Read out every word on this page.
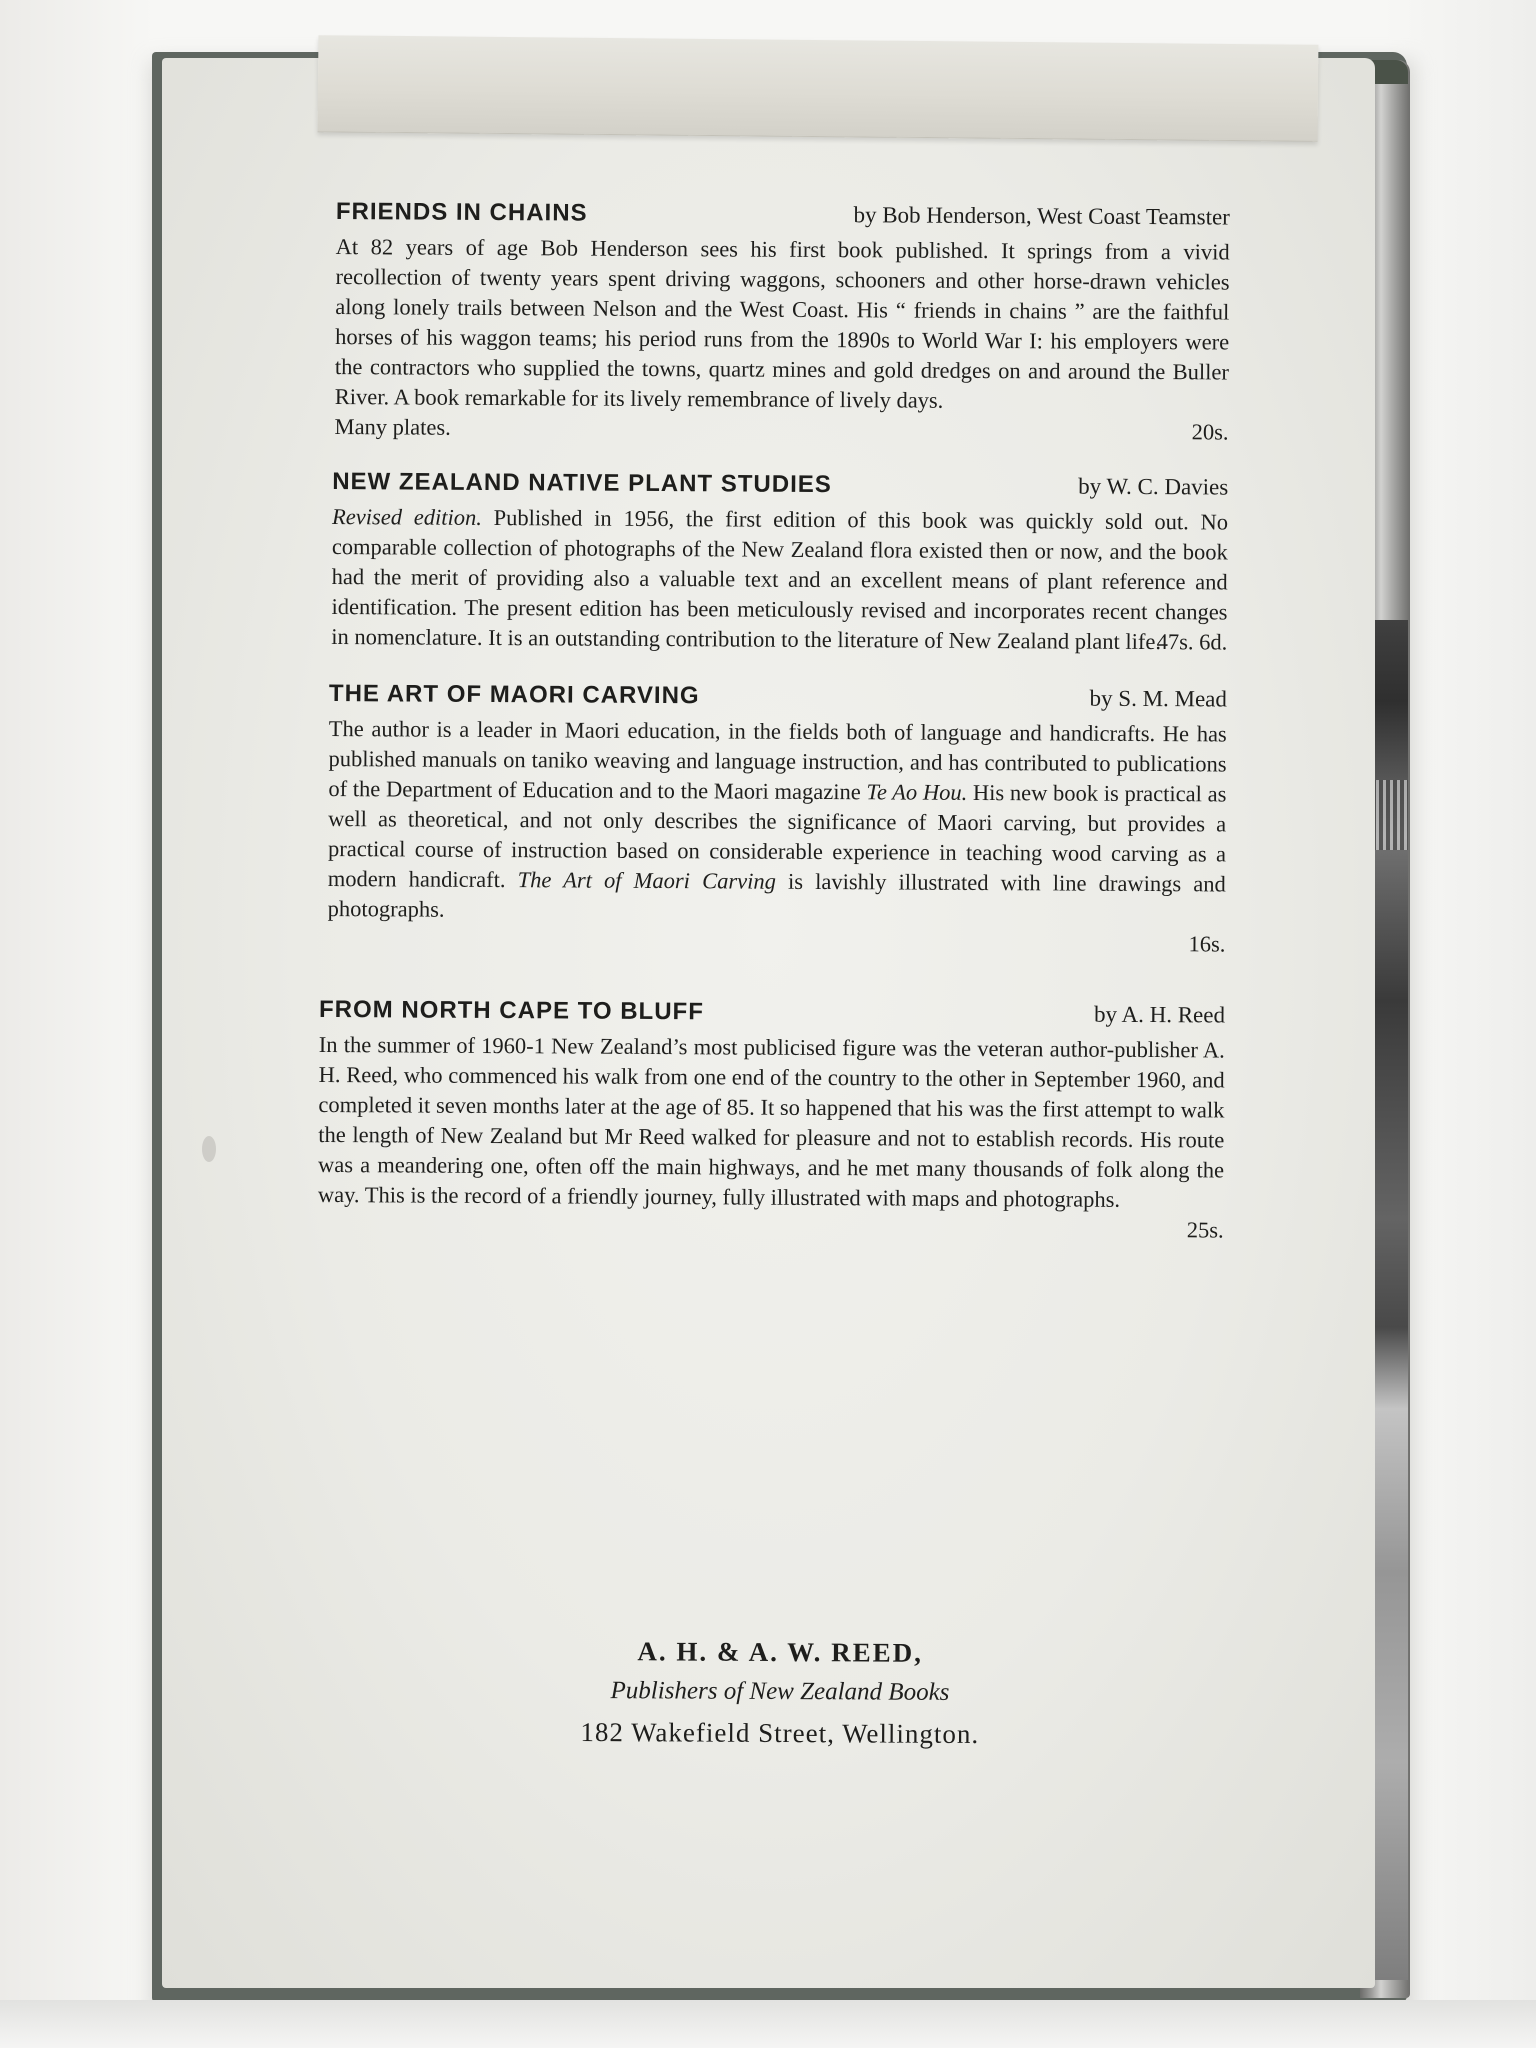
FRIENDS IN CHAINS	by Bob Henderson, West Coast Teamster
At 82 years of age Bob Henderson sees his first book published. It springs from a vivid recollection of twenty years spent driving waggons, schooners and other horse-drawn vehicles along lonely trails between Nelson and the West Coast. His “ friends in chains ” are the faithful horses of his waggon teams; his period runs from the 1890s to World War I: his employers were the contractors who supplied the towns, quartz mines and gold dredges on and around the Buller River. A book remarkable for its lively remembrance of lively days.
Many plates.	20s.
NEW ZEALAND NATIVE PLANT STUDIES	by W. C. Davies
Revised edition. Published in 1956, the first edition of this book was quickly sold out. No comparable collection of photographs of the New Zealand flora existed then or now, and the book had the merit of providing also a valuable text and an excellent means of plant reference and identification. The present edition has been meticulously revised and incorporates recent changes in nomenclature. It is an outstanding contribution to the literature of New Zealand plant life.
47s. 6d.
THE ART OF MAORI CARVING	by S. M. Mead
The author is a leader in Maori education, in the fields both of language and handicrafts. He has published manuals on taniko weaving and language instruction, and has contributed to publications of the Department of Education and to the Maori magazine Te Ao Hou. His new book is practical as well as theoretical, and not only describes the significance of Maori carving, but provides a practical course of instruction based on considerable experience in teaching wood carving as a modern handicraft. The Art of Maori Carving is lavishly illustrated with line drawings and photographs.
16s.
FROM NORTH CAPE TO BLUFF	by A. H. Reed
In the summer of 1960-1 New Zealand’s most publicised figure was the veteran author-publisher A. H. Reed, who commenced his walk from one end of the country to the other in September 1960, and completed it seven months later at the age of 85. It so happened that his was the first attempt to walk the length of New Zealand but Mr Reed walked for pleasure and not to establish records. His route was a meandering one, often off the main highways, and he met many thousands of folk along the way. This is the record of a friendly journey, fully illustrated with maps and photographs.
25s.
A. H. & A. W. REED,
Publishers of New Zealand Books
182 Wakefield Street, Wellington.
